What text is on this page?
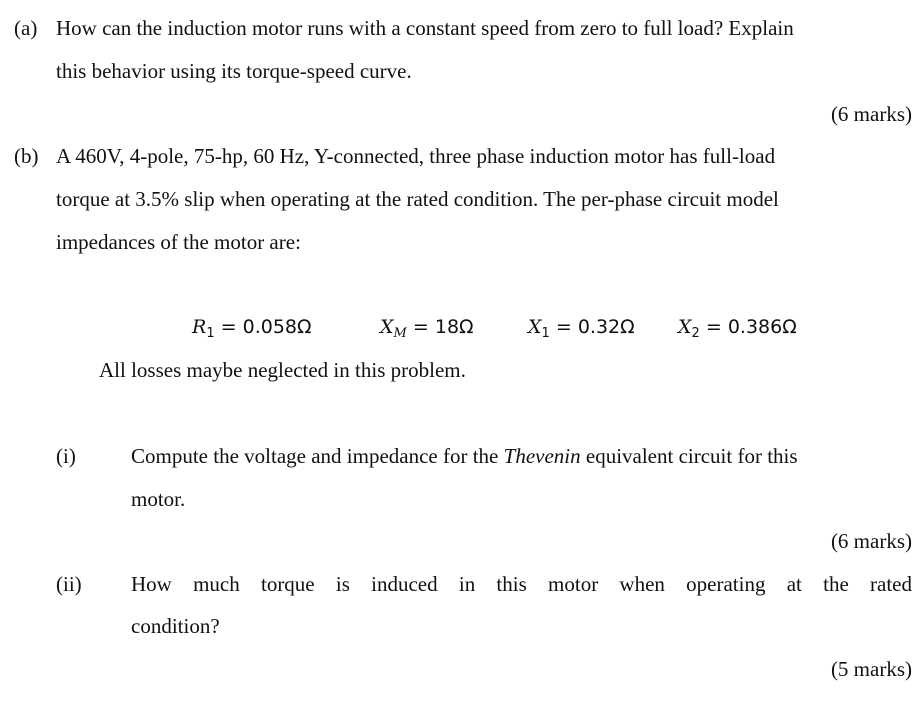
(a) How can the induction motor runs with a constant speed from zero to full load? Explain
this behavior using its torque-speed curve.
(6 marks)
(b) A 460V, 4-pole, 75-hp, 60 Hz, Y-connected, three phase induction motor has full-load
torque at 3.5% slip when operating at the rated condition. The per-phase circuit model
impedances of the motor are:
$R_1 = 0.058\Omega$	$X_M = 18\Omega$	$X_1 = 0.32\Omega$ $X_2 = 0.386\Omega$
All losses maybe neglected in this problem.
(i)	Compute the voltage and impedance for the Thevenin equivalent circuit for this
motor.
(6 marks)
(ii) How much torque is induced in this motor when operating at the rated
condition?
(5 marks)
